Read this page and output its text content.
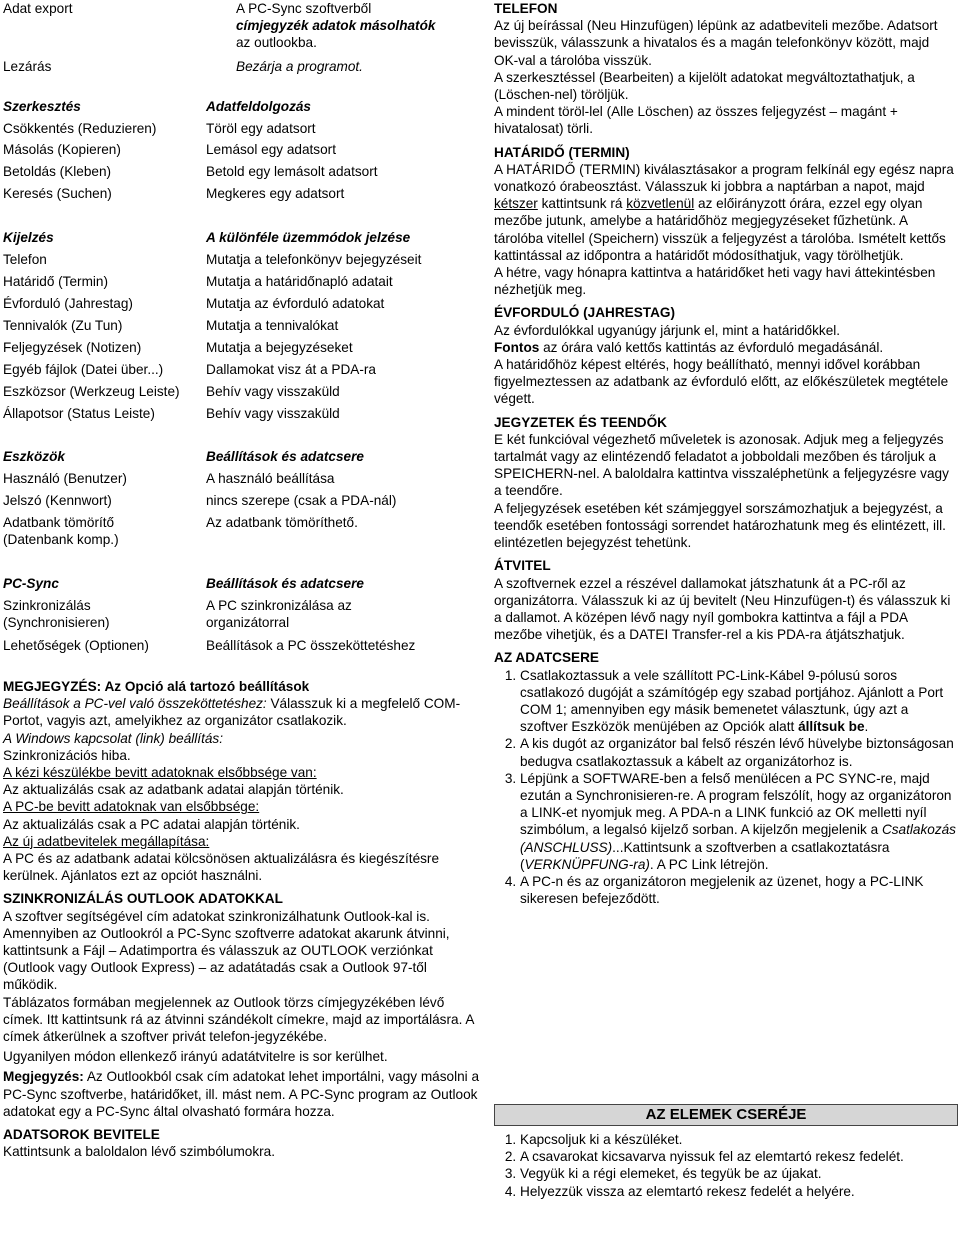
Adat export	A PC-Sync szoftverből
címjegyzék adatok másolhatók
az outlookba.
Lezárás	Bezárja a programot.
Szerkesztés	Adatfeldolgozás
Csökkentés (Reduzieren)	Töröl egy adatsort
Másolás (Kopieren)	Lemásol egy adatsort
Betoldás (Kleben)	Betold egy lemásolt adatsort
Keresés (Suchen)	Megkeres egy adatsort
Kijelzés	A különféle üzemmódok jelzése
Telefon	Mutatja a telefonkönyv bejegyzéseit
Határidő (Termin)	Mutatja a határidőnapló adatait
Évforduló (Jahrestag)	Mutatja az évforduló adatokat
Tennivalók (Zu Tun)	Mutatja a tennivalókat
Feljegyzések (Notizen)	Mutatja a bejegyzéseket
Egyéb fájlok (Datei über...)	Dallamokat visz át a PDA-ra
Eszközsor (Werkzeug Leiste)	Behív vagy visszaküld
Állapotsor (Status Leiste)	Behív vagy visszaküld
Eszközök	Beállítások és adatcsere
Használó (Benutzer)	A használó beállítása
Jelszó (Kennwort)	nincs szerepe (csak a PDA-nál)
Adatbank tömörítő	Az adatbank tömöríthető.
(Datenbank komp.)
PC-Sync	Beállítások és adatcsere
Szinkronizálás	A PC szinkronizálása az
(Synchronisieren)	organizátorral
Lehetőségek (Optionen)	Beállítások a PC összeköttetéshez

MEGJEGYZÉS: Az Opció alá tartozó beállítások

Beállítások a PC-vel való összeköttetéshez: Válasszuk ki a megfelelő COM-Portot, vagyis azt, amelyikhez az organizátor csatlakozik.

A Windows kapcsolat (link) beállítás:

Szinkronizációs hiba.

A kézi készülékbe bevitt adatoknak elsőbbsége van:

Az aktualizálás csak az adatbank adatai alapján történik.

A PC-be bevitt adatoknak van elsőbbsége:

Az aktualizálás csak a PC adatai alapján történik.

Az új adatbevitelek megállapítása:

A PC és az adatbank adatai kölcsönösen aktualizálásra és kiegészítésre kerülnek. Ajánlatos ezt az opciót használni.

SZINKRONIZÁLÁS OUTLOOK ADATOKKAL

A szoftver segítségével cím adatokat szinkronizálhatunk Outlook-kal is. Amennyiben az Outlookról a PC-Sync szoftverre adatokat akarunk átvinni, kattintsunk a Fájl – Adatimportra és válasszuk az OUTLOOK verziónkat (Outlook vagy Outlook Express) – az adatátadás csak a Outlook 97-től működik.

Táblázatos formában megjelennek az Outlook törzs címjegyzékében lévő címek. Itt kattintsunk rá az átvinni szándékolt címekre, majd az importálásra. A címek átkerülnek a szoftver privát telefon-jegyzékébe.

Ugyanilyen módon ellenkező irányú adatátvitelre is sor kerülhet.

Megjegyzés: Az Outlookból csak cím adatokat lehet importálni, vagy másolni a PC-Sync szoftverbe, határidőket, ill. mást nem. A PC-Sync program az Outlook adatokat egy a PC-Sync által olvasható formára hozza.

ADATSOROK BEVITELE

Kattintsunk a baloldalon lévő szimbólumokra.

TELEFON

Az új beírással (Neu Hinzufügen) lépünk az adatbeviteli mezőbe. Adatsort bevisszük, válasszunk a hivatalos és a magán telefonkönyv között, majd OK-val a tárolóba visszük.

A szerkesztéssel (Bearbeiten) a kijelölt adatokat megváltoztathatjuk, a (Löschen-nel) töröljük.

A mindent töröl-lel (Alle Löschen) az összes feljegyzést – magánt + hivatalosat) törli.

HATÁRIDŐ (TERMIN)

A HATÁRIDŐ (TERMIN) kiválasztásakor a program felkínál egy egész napra vonatkozó órabeosztást. Válasszuk ki jobbra a naptárban a napot, majd kétszer kattintsunk rá közvetlenül az előirányzott órára, ezzel egy olyan mezőbe jutunk, amelybe a határidőhöz megjegyzéseket fűzhetünk. A tárolóba vitellel (Speichern) visszük a feljegyzést a tárolóba. Ismételt kettős kattintással az időpontra a határidőt módosíthatjuk, vagy törölhetjük.

A hétre, vagy hónapra kattintva a határidőket heti vagy havi áttekintésben nézhetjük meg.

ÉVFORDULÓ (JAHRESTAG)

Az évfordulókkal ugyanúgy járjunk el, mint a határidőkkel.

Fontos az órára való kettős kattintás az évforduló megadásánál.

A határidőhöz képest eltérés, hogy beállítható, mennyi idővel korábban figyelmeztessen az adatbank az évforduló előtt, az előkészületek megtétele végett.

JEGYZETEK ÉS TEENDŐK

E két funkcióval végezhető műveletek is azonosak. Adjuk meg a feljegyzés tartalmát vagy az elintézendő feladatot a jobboldali mezőben és tároljuk a SPEICHERN-nel. A baloldalra kattintva visszaléphetünk a feljegyzésre vagy a teendőre.

A feljegyzések esetében két számjeggyel sorszámozhatjuk a bejegyzést, a teendők esetében fontossági sorrendet határozhatunk meg és elintézett, ill. elintézetlen bejegyzést tehetünk.

ÁTVITEL

A szoftvernek ezzel a részével dallamokat játszhatunk át a PC-ről az organizátorra. Válasszuk ki az új bevitelt (Neu Hinzufügen-t) és válasszuk ki a dallamot. A középen lévő nagy nyíl gombokra kattintva a fájl a PDA mezőbe vihetjük, és a DATEI Transfer-rel a kis PDA-ra átjátszhatjuk.

AZ ADATCSERE

1. Csatlakoztassuk a vele szállított PC-Link-Kábel 9-pólusú soros csatlakozó dugóját a számítógép egy szabad portjához. Ajánlott a Port COM 1; amennyiben egy másik bemenetet választunk, úgy azt a szoftver Eszközök menüjében az Opciók alatt állítsuk be.
2. A kis dugót az organizátor bal felső részén lévő hüvelybe biztonságosan bedugva csatlakoztassuk a kábelt az organizátorhoz is.
3. Lépjünk a SOFTWARE-ben a felső menülécen a PC SYNC-re, majd ezután a Synchronisieren-re. A program felszólít, hogy az organizátoron a LINK-et nyomjuk meg. A PDA-n a LINK funkció az OK melletti nyíl szimbólum, a legalsó kijelző sorban. A kijelzőn megjelenik a Csatlakozás (ANSCHLUSS)...Kattintsunk a szoftverben a csatlakoztatásra (VERKNÜPFUNG-ra). A PC Link létrejön.
4. A PC-n és az organizátoron megjelenik az üzenet, hogy a PC-LINK sikeresen befejeződött.
AZ ELEMEK CSERÉJE
1. Kapcsoljuk ki a készüléket.
2. A csavarokat kicsavarva nyissuk fel az elemtartó rekesz fedelét.
3. Vegyük ki a régi elemeket, és tegyük be az újakat.
4. Helyezzük vissza az elemtartó rekesz fedelét a helyére.
